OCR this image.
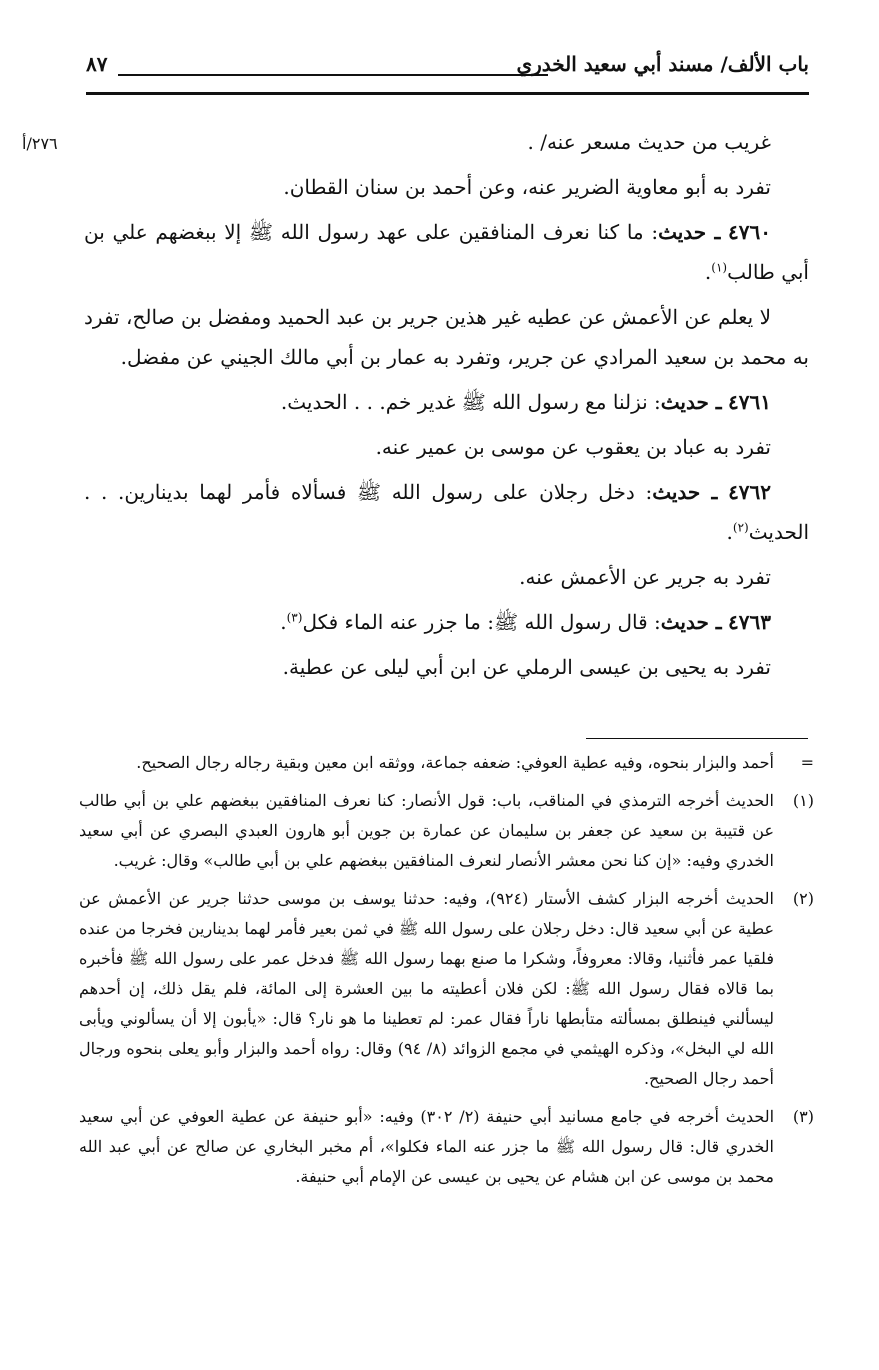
باب الألف/ مسند أبي سعيد الخدري
٨٧
٢٧٦/أ	غريب من حديث مسعر عنه/ .

تفرد به أبو معاوية الضرير عنه، وعن أحمد بن سنان القطان.

٤٧٦٠ ـ حديث: ما كنا نعرف المنافقين على عهد رسول الله ﷺ إلا ببغضهم علي بن أبي طالب$^{(١)}$.

لا يعلم عن الأعمش عن عطيه غير هذين جرير بن عبد الحميد ومفضل بن صالح، تفرد به محمد بن سعيد المرادي عن جرير، وتفرد به عمار بن أبي مالك الجيني عن مفضل.

٤٧٦١ ـ حديث: نزلنا مع رسول الله ﷺ غدير خم. . . الحديث.

تفرد به عباد بن يعقوب عن موسى بن عمير عنه.

٤٧٦٢ ـ حديث: دخل رجلان على رسول الله ﷺ فسألاه فأمر لهما بدينارين. . . الحديث$^{(٢)}$.

تفرد به جرير عن الأعمش عنه.

٤٧٦٣ ـ حديث: قال رسول الله ﷺ: ما جزر عنه الماء فكل$^{(٣)}$.

تفرد به يحيى بن عيسى الرملي عن ابن أبي ليلى عن عطية.

=
أحمد والبزار بنحوه، وفيه عطية العوفي: ضعفه جماعة، ووثقه ابن معين وبقية رجاله رجال الصحيح.
(١)
الحديث أخرجه الترمذي في المناقب، باب: قول الأنصار: كنا نعرف المنافقين ببغضهم علي بن أبي طالب عن قتيبة بن سعيد عن جعفر بن سليمان عن عمارة بن جوين أبو هارون العبدي البصري عن أبي سعيد الخدري وفيه: «إن كنا نحن معشر الأنصار لنعرف المنافقين ببغضهم علي بن أبي طالب» وقال: غريب.
(٢)
الحديث أخرجه البزار كشف الأستار (٩٢٤)، وفيه: حدثنا يوسف بن موسى حدثنا جرير عن الأعمش عن عطية عن أبي سعيد قال: دخل رجلان على رسول الله ﷺ في ثمن بعير فأمر لهما بدينارين فخرجا من عنده فلقيا عمر فأثنيا، وقالا: معروفاً، وشكرا ما صنع بهما رسول الله ﷺ فدخل عمر على رسول الله ﷺ فأخبره بما قالاه فقال رسول الله ﷺ: لكن فلان أعطيته ما بين العشرة إلى المائة، فلم يقل ذلك، إن أحدهم ليسألني فينطلق بمسألته متأبطها ناراً فقال عمر: لم تعطينا ما هو نار؟ قال: «يأبون إلا أن يسألوني ويأبى الله لي البخل»، وذكره الهيثمي في مجمع الزوائد (٨/ ٩٤) وقال: رواه أحمد والبزار وأبو يعلى بنحوه ورجال أحمد رجال الصحيح.
(٣)
الحديث أخرجه في جامع مسانيد أبي حنيفة (٢/ ٣٠٢) وفيه: «أبو حنيفة عن عطية العوفي عن أبي سعيد الخدري قال: قال رسول الله ﷺ ما جزر عنه الماء فكلوا»، أم مخبر البخاري عن صالح عن أبي عبد الله محمد بن موسى عن ابن هشام عن يحيى بن عيسى عن الإمام أبي حنيفة.
